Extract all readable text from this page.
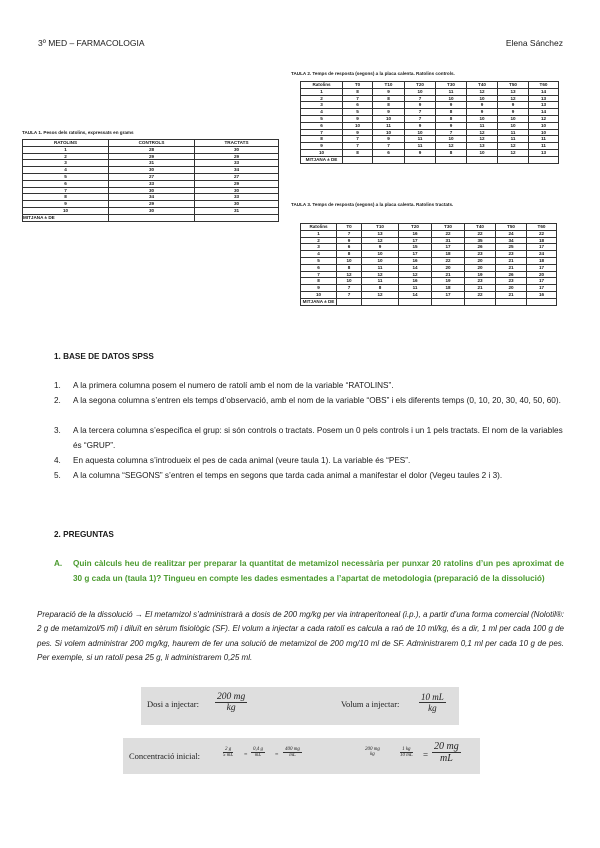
3º MED – FARMACOLOGIA	Elena Sánchez
TAULA 1. Pesos dels ratolins, expressats en grams
RATOLINS	CONTROLS	TRACTATS
1	28	30
2	29	29
3	31	33
4	30	34
5	27	27
6	33	29
7	30	30
8	34	33
9	29	30
10	30	31
MITJANA ± DE		
TAULA 2. Temps de resposta (segons) a la placa calenta. Ratolins controls.
Ratolins	T0	T10	T20	T30	T40	T50	T60
1	8	9	10	11	12	13	14
2	7	8	7	10	10	12	13
3	6	8	9	9	9	9	13
4	5	9	7	8	9	9	14
5	9	10	7	8	10	10	12
6	10	11	9	9	11	10	10
7	9	10	10	7	12	11	10
8	7	9	11	10	12	11	11
9	7	7	11	12	13	12	11
10	8	6	9	8	10	12	13
MITJANA ± DE							
TAULA 3. Temps de resposta (segons) a la placa calenta. Ratolins tractats.
Ratolins	T0	T10	T20	T30	T40	T50	T60
1	7	13	16	22	22	24	22
2	9	12	17	31	35	34	18
3	6	9	15	17	26	25	17
4	8	10	17	18	23	23	24
5	10	10	16	22	20	21	18
6	8	11	14	20	20	21	17
7	12	12	12	21	19	26	20
8	10	11	16	19	23	23	17
9	7	8	11	18	21	20	17
10	7	12	14	17	22	21	16
MITJANA ± DE							
1. BASE DE DATOS SPSS
1. A la primera columna posem el numero de ratolí amb el nom de la variable “RATOLINS”.
2. A la segona columna s’entren els temps d’observació, amb el nom de la variable “OBS” i els diferents temps (0, 10, 20, 30, 40, 50, 60).
3. A la tercera columna s’especifica el grup: si són controls o tractats. Posem un 0 pels controls i un 1 pels tractats. El nom de la variables és “GRUP”.
4. En aquesta columna s’introdueix el pes de cada animal (veure taula 1). La variable és “PES”.
5. A la columna “SEGONS” s’entren el temps en segons que tarda cada animal a manifestar el dolor (Vegeu taules 2 i 3).
2. PREGUNTAS
A. Quin càlculs heu de realitzar per preparar la quantitat de metamizol necessària per punxar 20 ratolins d’un pes aproximat de 30 g cada un (taula 1)? Tingueu en compte les dades esmentades a l’apartat de metodologia (preparació de la dissolució)
Preparació de la dissolució → El metamizol s’administrarà a dosis de 200 mg/kg per via intraperitoneal (i.p.), a partir d’una forma comercial (Nolotil®: 2 g de metamizol/5 ml) i diluït en sèrum fisiològic (SF). El volum a injectar a cada ratolí es calcula a raó de 10 ml/kg, és a dir, 1 ml per cada 100 g de pes. Si volem administrar 200 mg/kg, haurem de fer una solució de metamizol de 200 mg/10 ml de SF. Administrarem 0,1 ml per cada 10 g de pes. Per exemple, si un ratolí pesa 25 g, li administrarem 0,25 ml.
Dosi a injectar: $\frac{200 mg}{kg}$	Volum a injectar: $\frac{10 mL}{kg}$
Concentració inicial:	$\frac{2 g}{5 mL} = \frac{0,4 g}{mL} = \frac{400 mg}{mL}$	200 mg
kg	$\frac{1 kg}{10 mL} = \frac{20 mg}{mL}$
